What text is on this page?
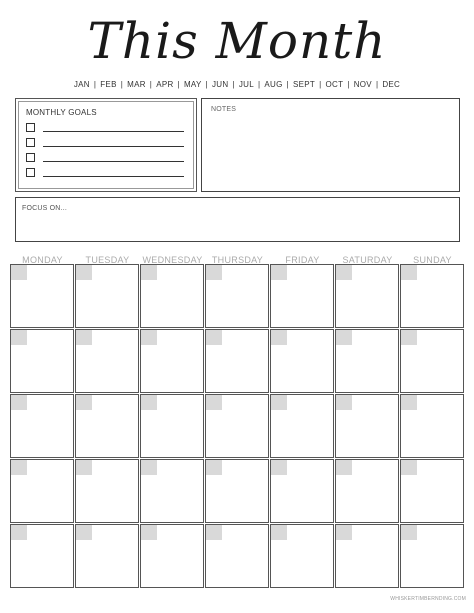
This Month
JAN | FEB | MAR | APR | MAY | JUN | JUL | AUG | SEPT | OCT | NOV | DEC
MONTHLY GOALS	NOTES
FOCUS ON...
MONDAY	TUESDAY	WEDNESDAY	THURSDAY	FRIDAY	SATURDAY	SUNDAY
WHISKERTIMBERNDING.COM
